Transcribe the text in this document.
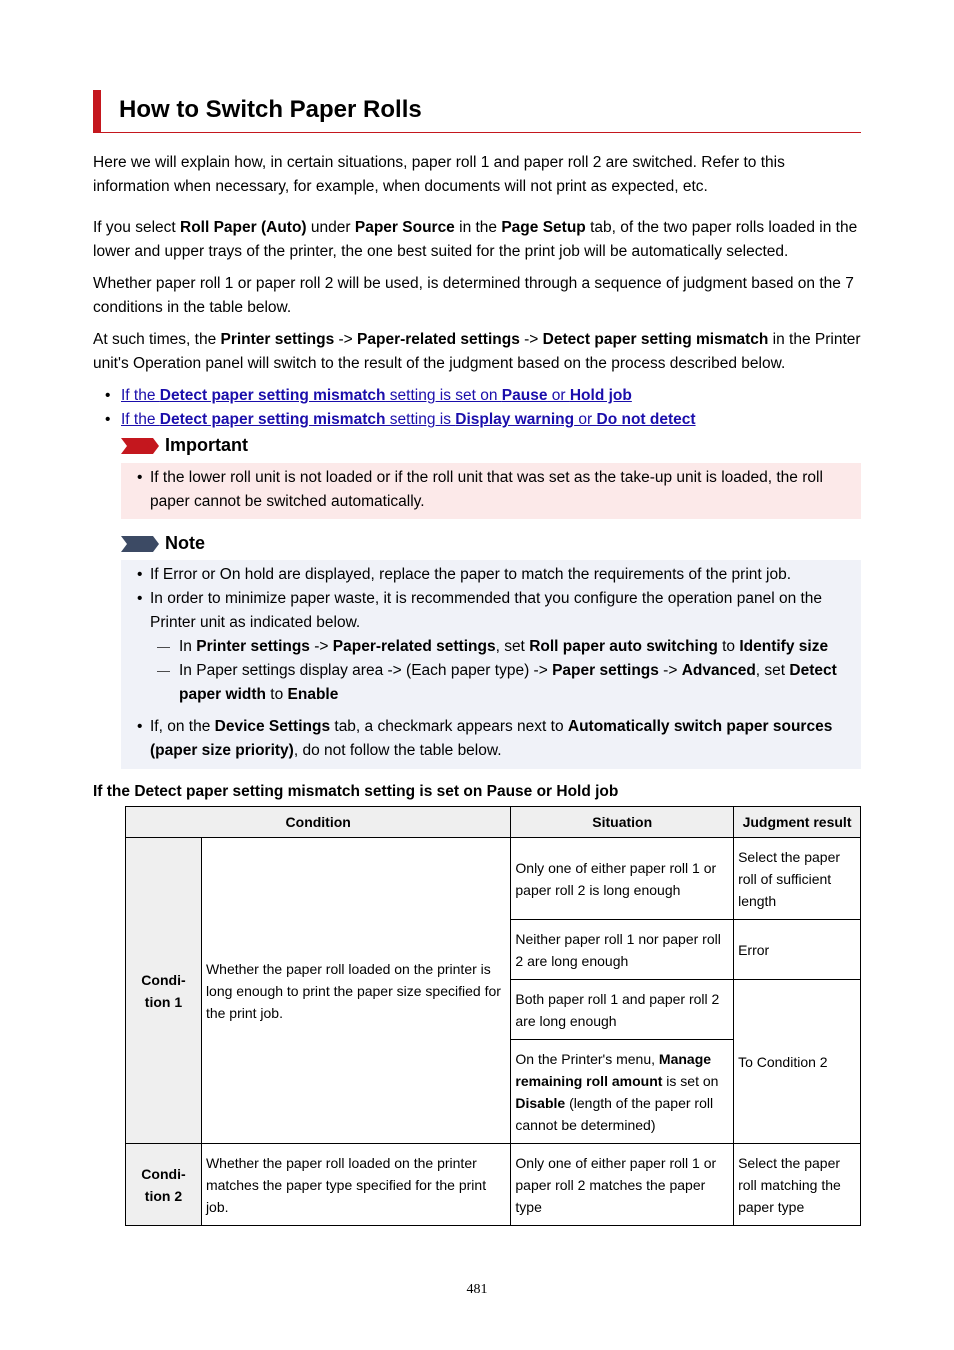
How to Switch Paper Rolls
Here we will explain how, in certain situations, paper roll 1 and paper roll 2 are switched. Refer to this information when necessary, for example, when documents will not print as expected, etc.
If you select Roll Paper (Auto) under Paper Source in the Page Setup tab, of the two paper rolls loaded in the lower and upper trays of the printer, the one best suited for the print job will be automatically selected.
Whether paper roll 1 or paper roll 2 will be used, is determined through a sequence of judgment based on the 7 conditions in the table below.
At such times, the Printer settings -> Paper-related settings -> Detect paper setting mismatch in the Printer unit's Operation panel will switch to the result of the judgment based on the process described below.
• If the Detect paper setting mismatch setting is set on Pause or Hold job
• If the Detect paper setting mismatch setting is Display warning or Do not detect
Important
• If the lower roll unit is not loaded or if the roll unit that was set as the take-up unit is loaded, the roll paper cannot be switched automatically.
Note
• If Error or On hold are displayed, replace the paper to match the requirements of the print job.
• In order to minimize paper waste, it is recommended that you configure the operation panel on the Printer unit as indicated below.
— In Printer settings -> Paper-related settings, set Roll paper auto switching to Identify size
— In Paper settings display area -> (Each paper type) -> Paper settings -> Advanced, set Detect paper width to Enable
• If, on the Device Settings tab, a checkmark appears next to Automatically switch paper sources (paper size priority), do not follow the table below.
If the Detect paper setting mismatch setting is set on Pause or Hold job
Condition		Situation	Judgment result
Condi-
tion 1	Whether the paper roll loaded on the printer is long enough to print the paper size specified for the print job.	Only one of either paper roll 1 or paper roll 2 is long enough	Select the paper roll of sufficient length
		Neither paper roll 1 nor paper roll 2 are long enough	Error
		Both paper roll 1 and paper roll 2 are long enough	To Condition 2
		On the Printer's menu, Manage remaining roll amount is set on Disable (length of the paper roll cannot be determined)	
Condi-
tion 2	Whether the paper roll loaded on the printer matches the paper type specified for the print job.	Only one of either paper roll 1 or paper roll 2 matches the paper type	Select the paper roll matching the paper type
481
